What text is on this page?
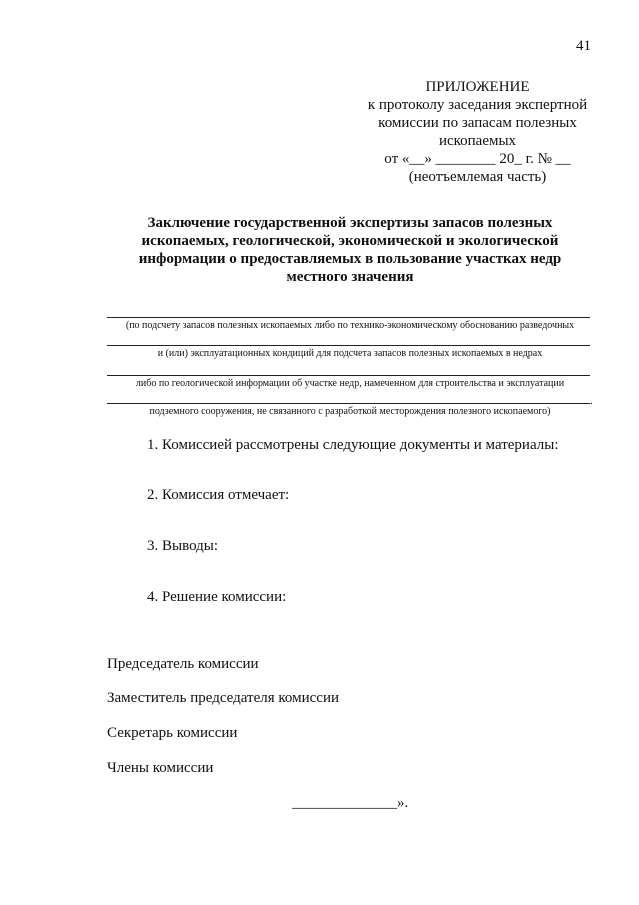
41
ПРИЛОЖЕНИЕ
к протоколу заседания экспертной
комиссии по запасам полезных
ископаемых
от «__» ________ 20_ г. № __
(неотъемлемая часть)
Заключение государственной экспертизы запасов полезных
ископаемых, геологической, экономической и экологической
информации о предоставляемых в пользование участках недр
местного значения
(по подсчету запасов полезных ископаемых либо по технико-экономическому обоснованию разведочных
и (или) эксплуатационных кондиций для подсчета запасов полезных ископаемых в недрах
либо по геологической информации об участке недр, намеченном для строительства и эксплуатации
.
подземного сооружения, не связанного с разработкой месторождения полезного ископаемого)
1. Комиссией рассмотрены следующие документы и материалы:
2. Комиссия отмечает:
3. Выводы:
4. Решение комиссии:
Председатель комиссии
Заместитель председателя комиссии
Секретарь комиссии
Члены комиссии
______________».
